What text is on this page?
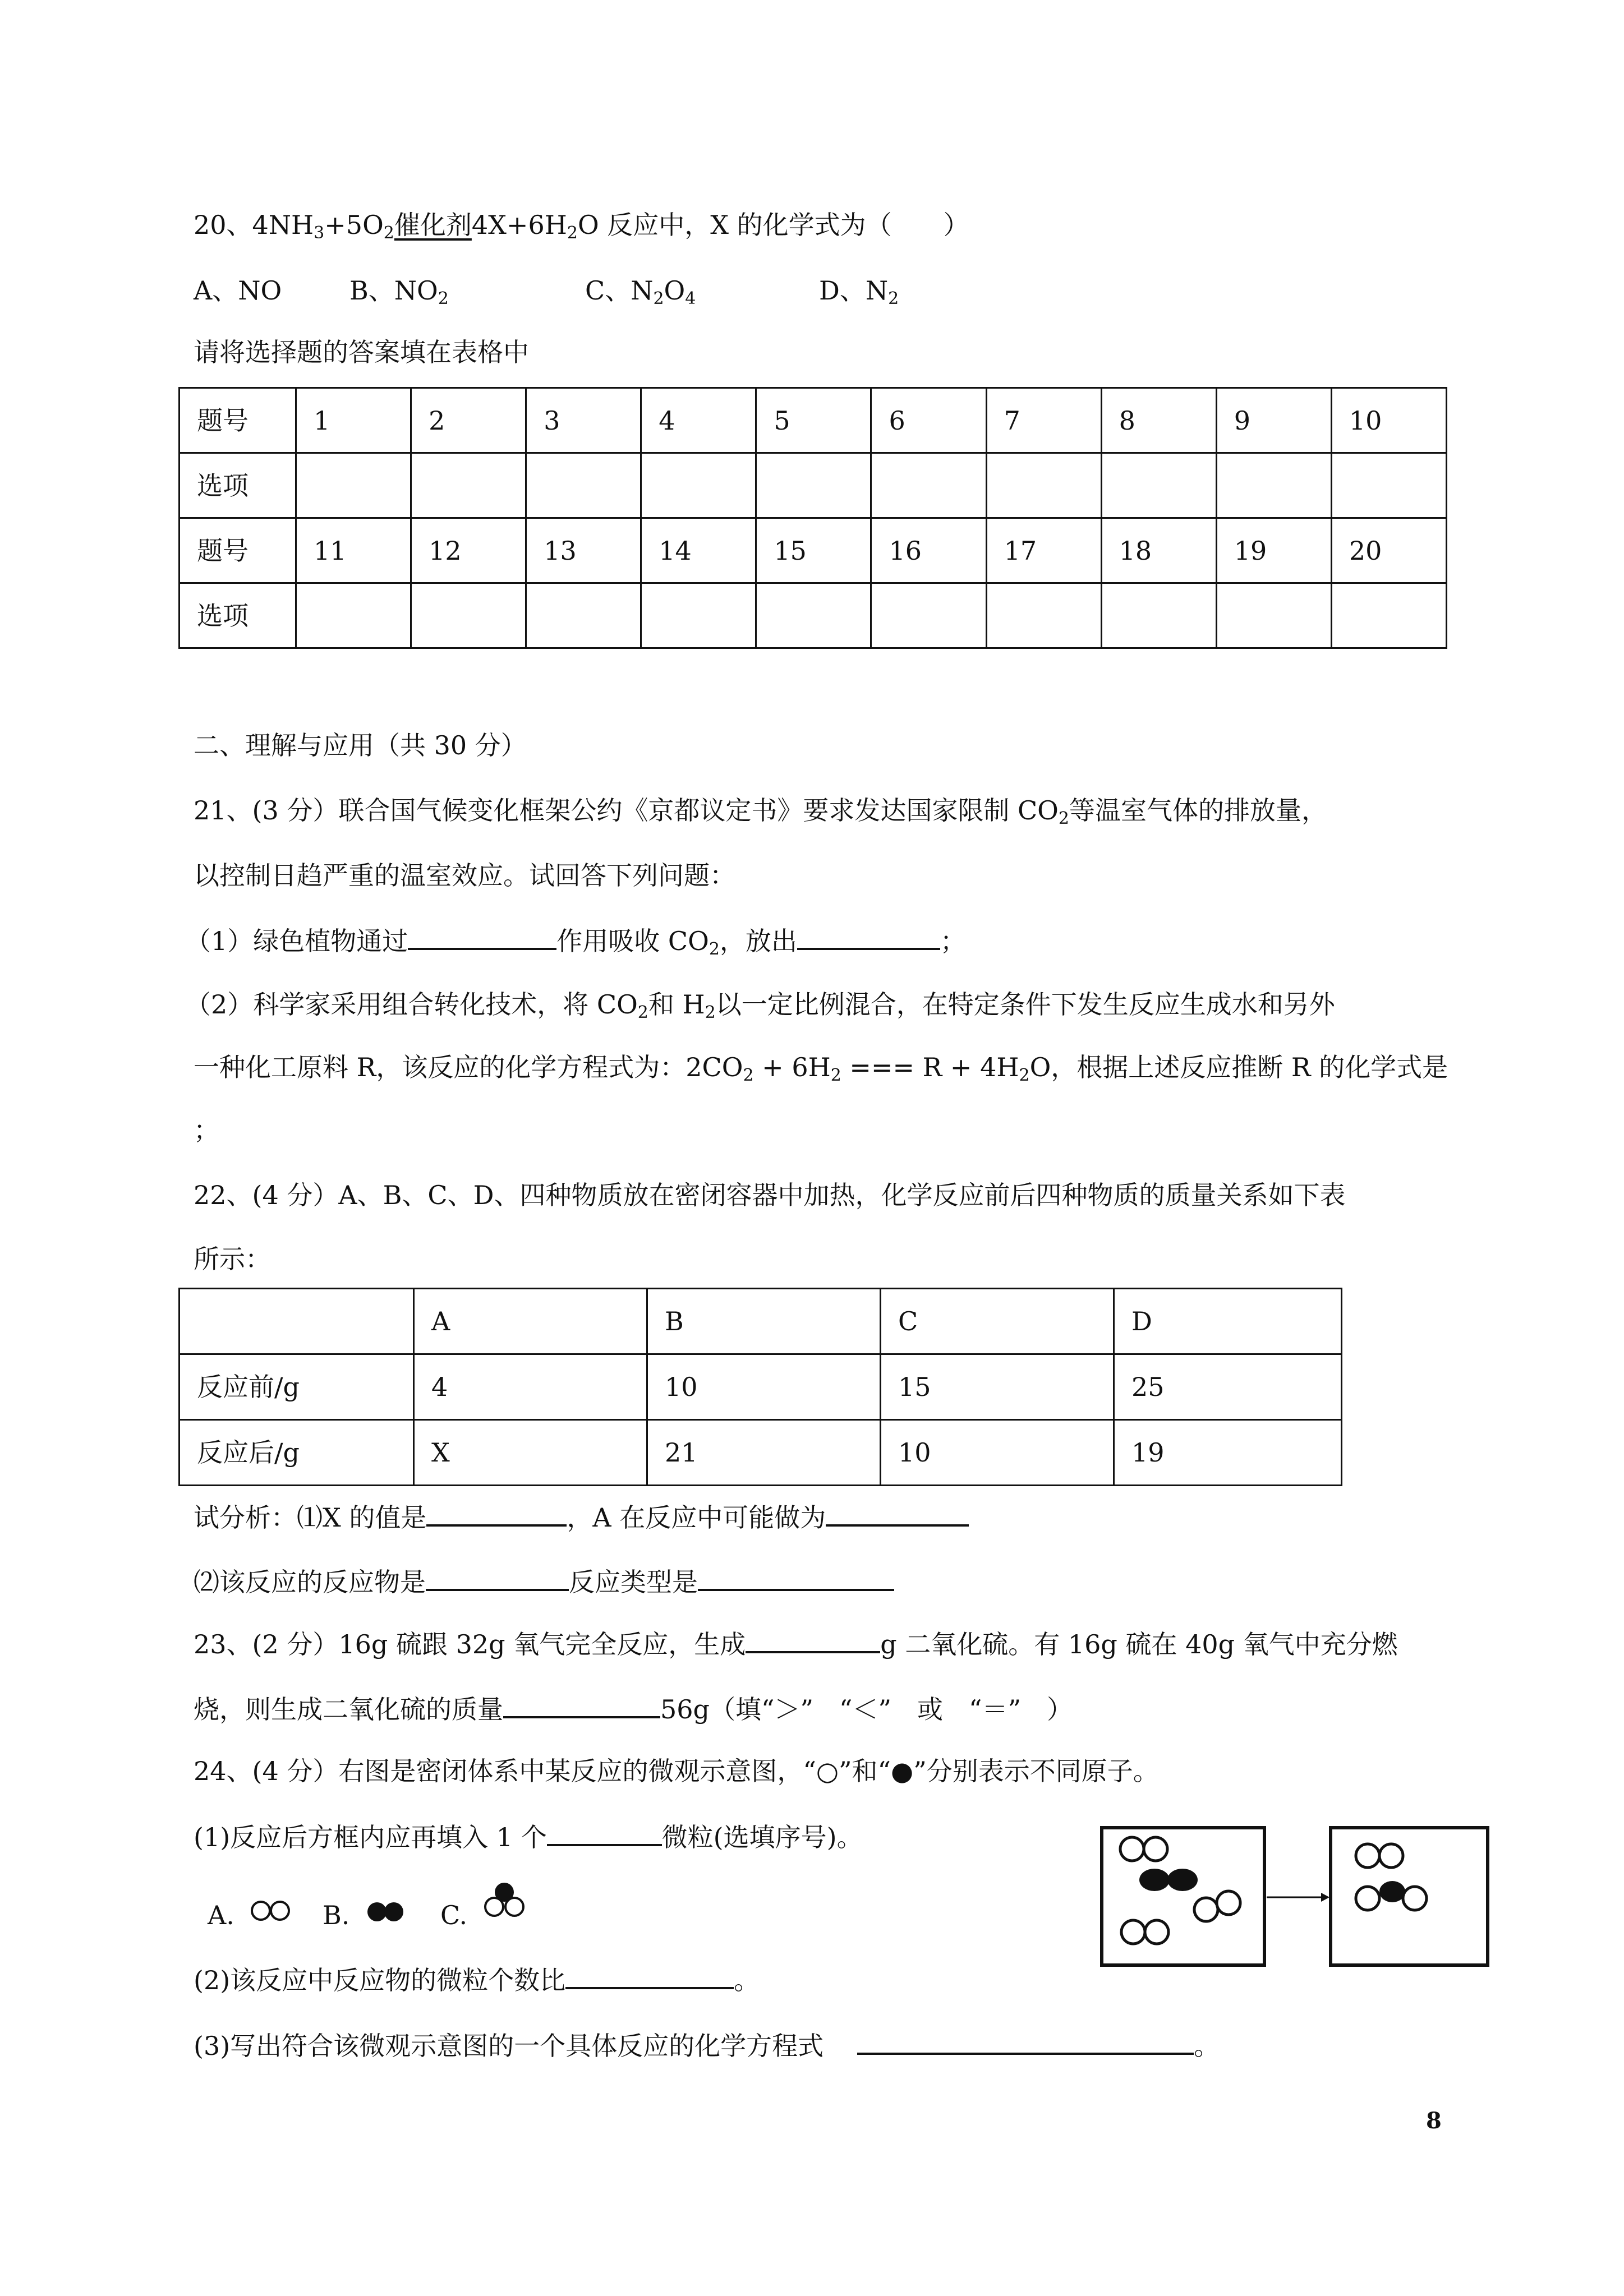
20、$4NH_3+5O_2$催化剂$4X+6H_2O$ 反应中，X 的化学式为（　　）
A、NO	B、$NO_2$	C、$N_2O_4$	D、$N_2$
请将选择题的答案填在表格中
题号	1	2	3	4	5	6	7	8	9	10
选项										
题号	11	12	13	14	15	16	17	18	19	20
选项										
二、理解与应用（共 30 分）
21、(3 分）联合国气候变化框架公约《京都议定书》要求发达国家限制 $CO_2$等温室气体的排放量，
以控制日趋严重的温室效应。试回答下列问题：
（1）绿色植物通过	作用吸收 $CO_2$，放出	；
（2）科学家采用组合转化技术，将 $CO_2$和 $H_2$以一定比例混合，在特定条件下发生反应生成水和另外
一种化工原料 R，该反应的化学方程式为：$2CO_2 + 6H_2$ === $R + 4H_2O$，根据上述反应推断 R 的化学式是
；
22、(4 分）A、B、C、D、四种物质放在密闭容器中加热，化学反应前后四种物质的质量关系如下表
所示：
	A	B	C	D
反应前/g	4	10	15	25
反应后/g	X	21	10	19
试分析：⑴X 的值是	，A 在反应中可能做为
⑵该反应的反应物是	反应类型是
23、(2 分）16g 硫跟 32g 氧气完全反应，生成	g 二氧化硫。有 16g 硫在 40g 氧气中充分燃
烧，则生成二氧化硫的质量	56g（填“＞”　“＜”　或　“＝”　）
24、(4 分）右图是密闭体系中某反应的微观示意图，“○”和“●”分别表示不同原子。
(1)反应后方框内应再填入 1 个	微粒(选填序号)。
A.	B.	C.
(2)该反应中反应物的微粒个数比	。
(3)写出符合该微观示意图的一个具体反应的化学方程式	。
8
